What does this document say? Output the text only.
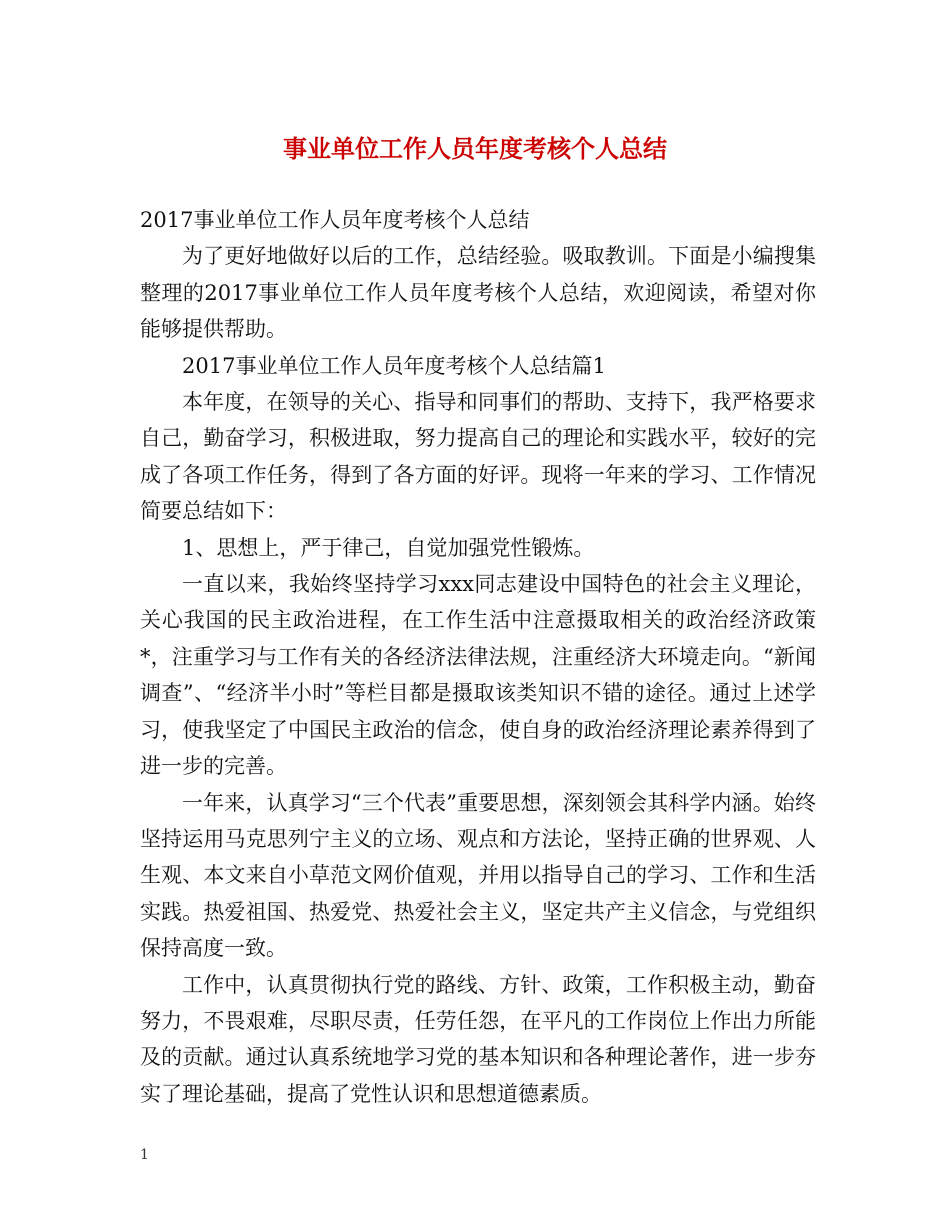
事业单位工作人员年度考核个人总结

2017事业单位工作人员年度考核个人总结

为了更好地做好以后的工作，总结经验。吸取教训。下面是小编搜集整理的2017事业单位工作人员年度考核个人总结，欢迎阅读，希望对你能够提供帮助。

2017事业单位工作人员年度考核个人总结篇1

本年度，在领导的关心、指导和同事们的帮助、支持下，我严格要求自己，勤奋学习，积极进取，努力提高自己的理论和实践水平，较好的完成了各项工作任务，得到了各方面的好评。现将一年来的学习、工作情况简要总结如下：

1、思想上，严于律己，自觉加强党性锻炼。

一直以来，我始终坚持学习xxx同志建设中国特色的社会主义理论，关心我国的民主政治进程，在工作生活中注意摄取相关的政治经济政策*，注重学习与工作有关的各经济法律法规，注重经济大环境走向。“新闻调查”、“经济半小时”等栏目都是摄取该类知识不错的途径。通过上述学习，使我坚定了中国民主政治的信念，使自身的政治经济理论素养得到了进一步的完善。

一年来，认真学习“三个代表”重要思想，深刻领会其科学内涵。始终坚持运用马克思列宁主义的立场、观点和方法论，坚持正确的世界观、人生观、本文来自小草范文网价值观，并用以指导自己的学习、工作和生活实践。热爱祖国、热爱党、热爱社会主义，坚定共产主义信念，与党组织保持高度一致。

工作中，认真贯彻执行党的路线、方针、政策，工作积极主动，勤奋努力，不畏艰难，尽职尽责，任劳任怨，在平凡的工作岗位上作出力所能及的贡献。通过认真系统地学习党的基本知识和各种理论著作，进一步夯实了理论基础，提高了党性认识和思想道德素质。

1
